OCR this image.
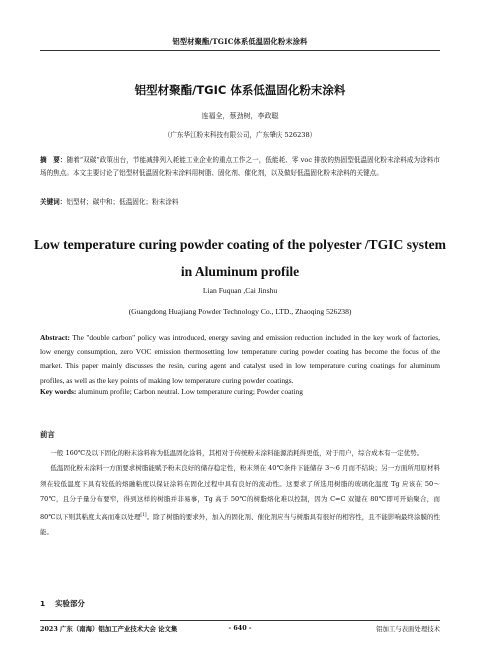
铝型材聚酯/TGIC体系低温固化粉末涂料
铝型材聚酯/TGIC 体系低温固化粉末涂料
连福全，蔡劲树，李政聪
（广东华江粉末科技有限公司，广东肇庆 526238）
摘　要：随着“双碳”政策出台，节能减排列入耗能工业企业的重点工作之一，低能耗、零 voc 排放的热固型低温固化粉末涂料成为涂料市场的焦点。本文主要讨论了铝型材低温固化粉末涂料用树脂、固化剂、催化剂，以及做好低温固化粉末涂料的关键点。
关键词：铝型材；碳中和；低温固化；粉末涂料
Low temperature curing powder coating of the polyester /TGIC system
in Aluminum profile
Lian Fuquan ,Cai Jinshu
(Guangdong Huajiang Powder Technology Co., LTD., Zhaoqing 526238)
Abstract: The "double carbon" policy was introduced, energy saving and emission reduction included in the key work of factories, low energy consumption, zero VOC emission thermosetting low temperature curing powder coating has become the focus of the market. This paper mainly discusses the resin, curing agent and catalyst used in low temperature curing coatings for aluminum profiles, as well as the key points of making low temperature curing powder coatings.
Key words: aluminum profile; Carbon neutral. Low temperature curing; Powder coating
前言

一般 160℃及以下固化的粉末涂料称为低温固化涂料，其相对于传统粉末涂料能源消耗得更低，对于用户，综合成本有一定优势。

低温固化粉末涂料一方面要求树脂能赋予粉末良好的储存稳定性，粉末须在 40℃条件下能储存 3～6 月而不结块；另一方面所用原材料须在较低温度下具有较低的熔融粘度以保证涂料在固化过程中具有良好的流动性。这要求了所选用树脂的玻璃化温度 Tg 应该在 50～70℃，且分子量分布要窄，得到这样的树脂并非易事，Tg 高于 50℃的树脂熔化难以控制，因为 C=C 双键在 80℃即可开始聚合，而 80℃以下则其粘度太高而难以处理[1]。除了树脂的要求外，加入的固化剂、催化剂应当与树脂具有很好的相容性，且不能影响最终涂膜的性能。

1 实验部分
2023 广东（南海）铝加工产业技术大会 论文集	- 640 -	铝加工与表面处理技术
